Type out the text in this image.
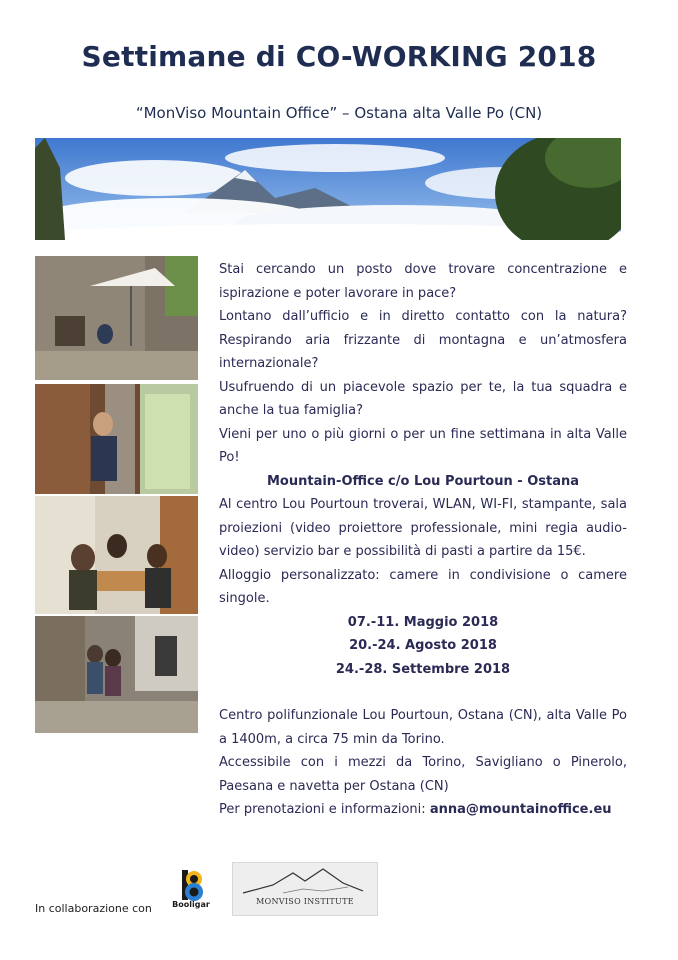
Settimane di CO-WORKING 2018
“MonViso Mountain Office” – Ostana alta Valle Po (CN)

Stai cercando un posto dove trovare concentrazione e ispirazione e poter lavorare in pace?

Lontano dall’ufficio e in diretto contatto con la natura? Respirando aria frizzante di montagna e un’atmosfera internazionale?

Usufruendo di un piacevole spazio per te, la tua squadra e anche la tua famiglia?

Vieni per uno o più giorni o per un fine settimana in alta Valle Po!

Mountain-Office c/o Lou Pourtoun - Ostana

Al centro Lou Pourtoun troverai, WLAN, WI-FI, stampante, sala proiezioni (video proiettore professionale, mini regia audio-video) servizio bar e possibilità di pasti a partire da 15€.

Alloggio personalizzato: camere in condivisione o camere singole.

07.-11. Maggio 2018

20.-24. Agosto 2018

24.-28. Settembre 2018

Centro polifunzionale Lou Pourtoun, Ostana (CN), alta Valle Po a 1400m, a circa 75 min da Torino.

Accessibile con i mezzi da Torino, Savigliano o Pinerolo, Paesana e navetta per Ostana (CN)

Per prenotazioni e informazioni: anna@mountainoffice.eu

In collaborazione con	Booligar	MONVISO INSTITUTE
